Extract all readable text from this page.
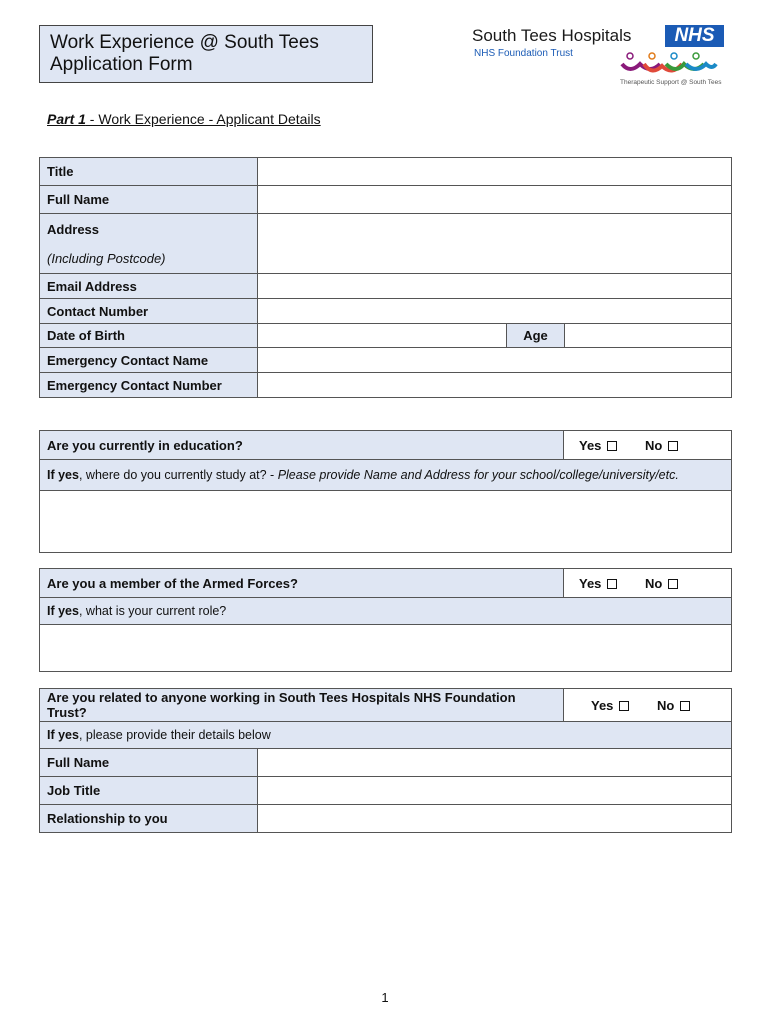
Work Experience @ South Tees
Application Form
South Tees Hospitals	NHS
NHS Foundation Trust
Therapeutic Support @ South Tees
Part 1 - Work Experience - Applicant Details
Title			
Full Name			

Address
(Including Postcode)			

Email Address			
Contact Number			
Date of Birth		Age	
Emergency Contact Name			
Emergency Contact Number			
Are you currently in education?	Yes	No
If yes, where do you currently study at? - Please provide Name and Address for your school/college/university/etc.

Are you a member of the Armed Forces?	Yes	No
If yes, what is your current role?

Are you related to anyone working in South Tees Hospitals NHS Foundation Trust?		Yes No
If yes, please provide their details below		
Full Name		
Job Title		
Relationship to you		
1
